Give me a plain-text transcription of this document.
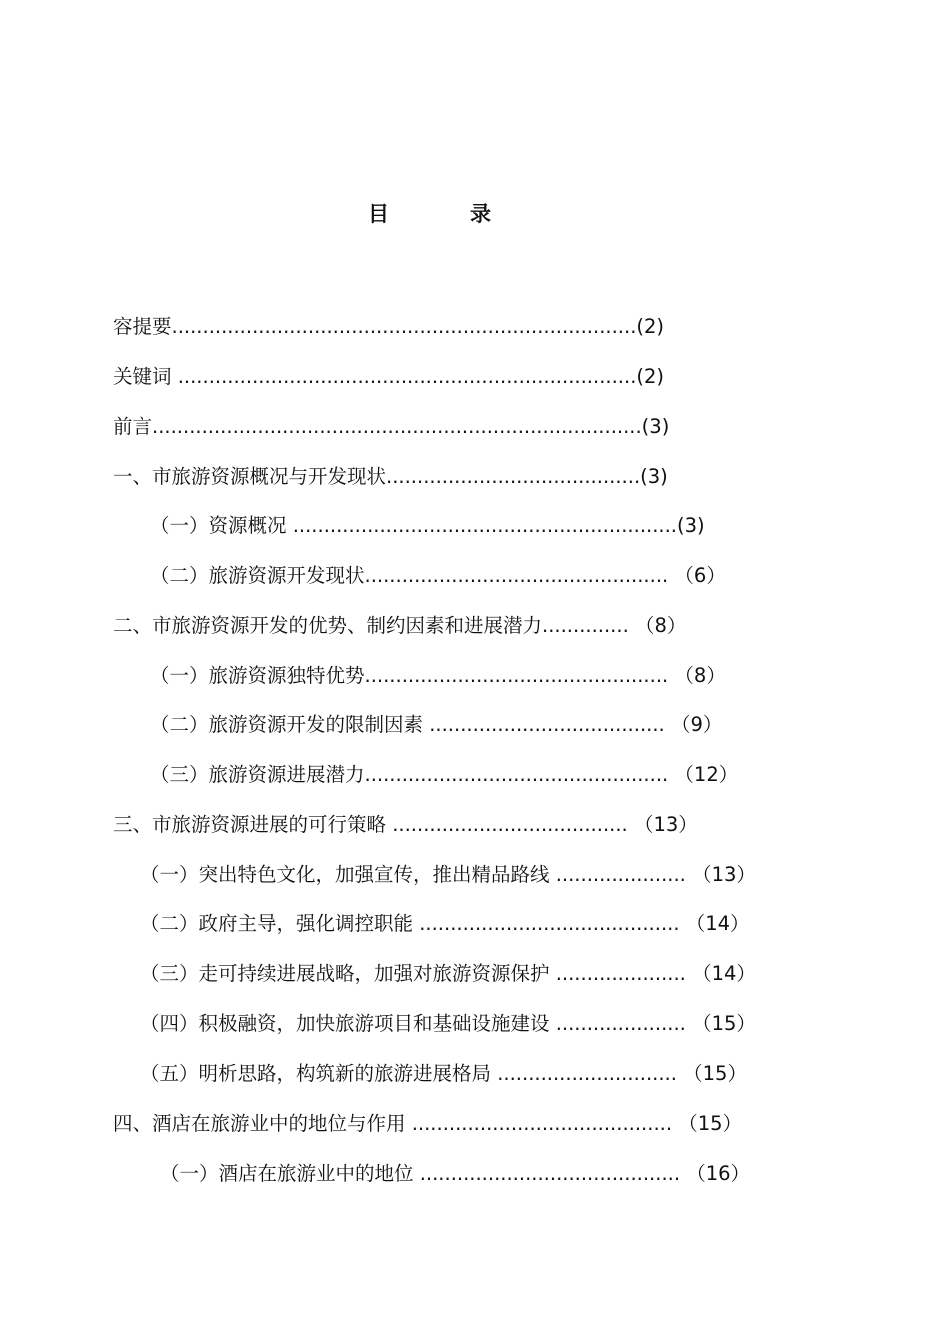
目	录
容提要...........................................................................(2)
关键词 ..........................................................................(2)
前言...............................................................................(3)
一、市旅游资源概况与开发现状.........................................(3)
（一）资源概况 ..............................................................(3)
（二）旅游资源开发现状................................................. （6）
二、市旅游资源开发的优势、制约因素和进展潜力.............. （8）
（一）旅游资源独特优势................................................. （8）
（二）旅游资源开发的限制因素 ...................................... （9）
（三）旅游资源进展潜力................................................. （12）
三、市旅游资源进展的可行策略 ...................................... （13）
（一）突出特色文化，加强宣传，推出精品路线 ..................... （13）
（二）政府主导，强化调控职能 .......................................... （14）
（三）走可持续进展战略，加强对旅游资源保护 ..................... （14）
（四）积极融资，加快旅游项目和基础设施建设 ..................... （15）
（五）明析思路，构筑新的旅游进展格局 ............................. （15）
四、酒店在旅游业中的地位与作用 .......................................... （15）
（一）酒店在旅游业中的地位 .......................................... （16）
